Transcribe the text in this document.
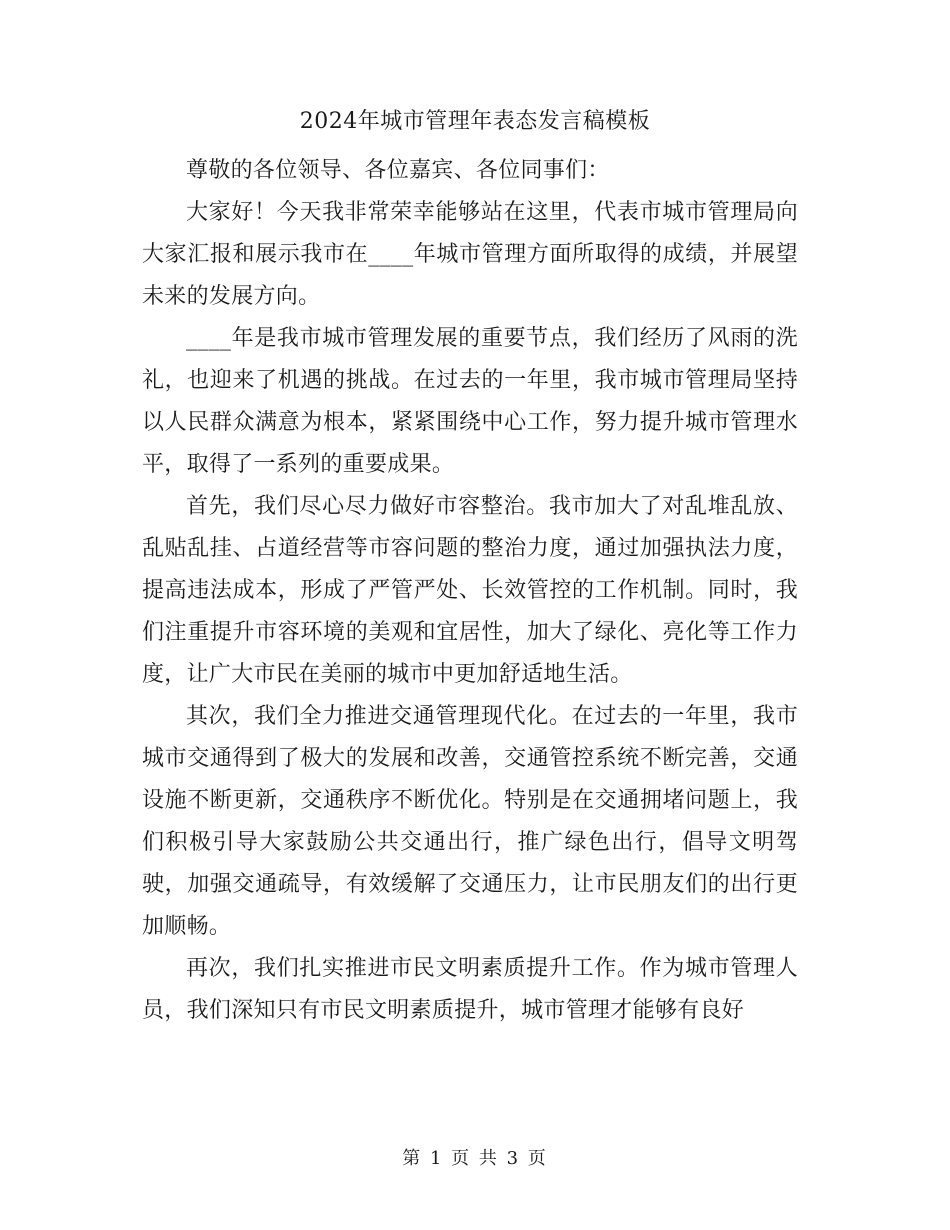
2024年城市管理年表态发言稿模板

尊敬的各位领导、各位嘉宾、各位同事们：

大家好！今天我非常荣幸能够站在这里，代表市城市管理局向大家汇报和展示我市在____年城市管理方面所取得的成绩，并展望未来的发展方向。

____年是我市城市管理发展的重要节点，我们经历了风雨的洗礼，也迎来了机遇的挑战。在过去的一年里，我市城市管理局坚持以人民群众满意为根本，紧紧围绕中心工作，努力提升城市管理水平，取得了一系列的重要成果。

首先，我们尽心尽力做好市容整治。我市加大了对乱堆乱放、乱贴乱挂、占道经营等市容问题的整治力度，通过加强执法力度，提高违法成本，形成了严管严处、长效管控的工作机制。同时，我们注重提升市容环境的美观和宜居性，加大了绿化、亮化等工作力度，让广大市民在美丽的城市中更加舒适地生活。

其次，我们全力推进交通管理现代化。在过去的一年里，我市城市交通得到了极大的发展和改善，交通管控系统不断完善，交通设施不断更新，交通秩序不断优化。特别是在交通拥堵问题上，我们积极引导大家鼓励公共交通出行，推广绿色出行，倡导文明驾驶，加强交通疏导，有效缓解了交通压力，让市民朋友们的出行更加顺畅。

再次，我们扎实推进市民文明素质提升工作。作为城市管理人员，我们深知只有市民文明素质提升，城市管理才能够有良好

第 1 页 共 3 页
